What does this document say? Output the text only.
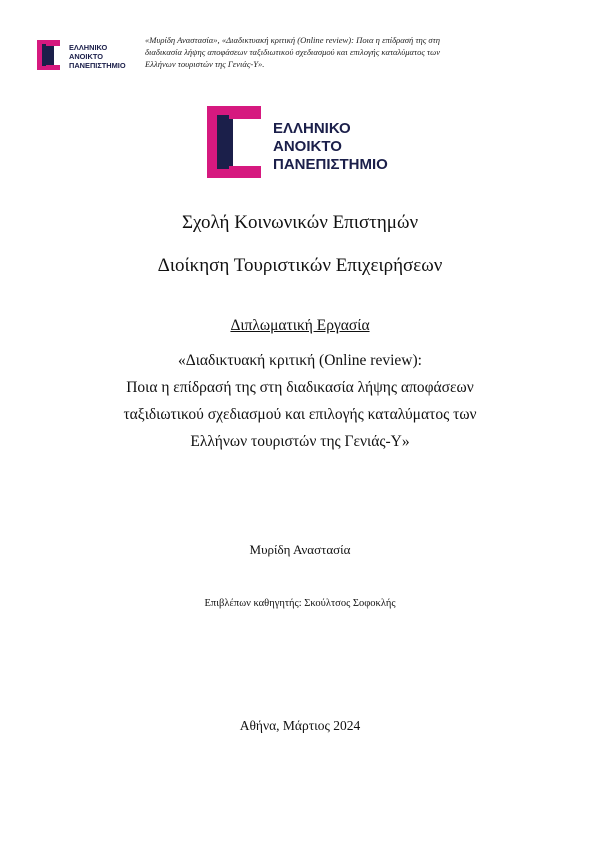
ΕΛΛΗΝΙΚΟ
ΑΝΟΙΚΤΟ
ΠΑΝΕΠΙΣΤΗΜΙΟ
«Μυρίδη Αναστασία», «Διαδικτυακή κριτική (Online review): Ποια η επίδρασή της στη
διαδικασία λήψης αποφάσεων ταξιδιωτικού σχεδιασμού και επιλογής καταλύματος των
Ελλήνων τουριστών της Γενιάς-Υ».
ΕΛΛΗΝΙΚΟ
ΑΝΟΙΚΤΟ
ΠΑΝΕΠΙΣΤΗΜΙΟ
Σχολή Κοινωνικών Επιστημών
Διοίκηση Τουριστικών Επιχειρήσεων
Διπλωματική Εργασία
«Διαδικτυακή κριτική (Online review):
Ποια η επίδρασή της στη διαδικασία λήψης αποφάσεων
ταξιδιωτικού σχεδιασμού και επιλογής καταλύματος των
Ελλήνων τουριστών της Γενιάς-Υ»
Μυρίδη Αναστασία
Επιβλέπων καθηγητής: Σκούλτσος Σοφοκλής
Αθήνα, Μάρτιος 2024
